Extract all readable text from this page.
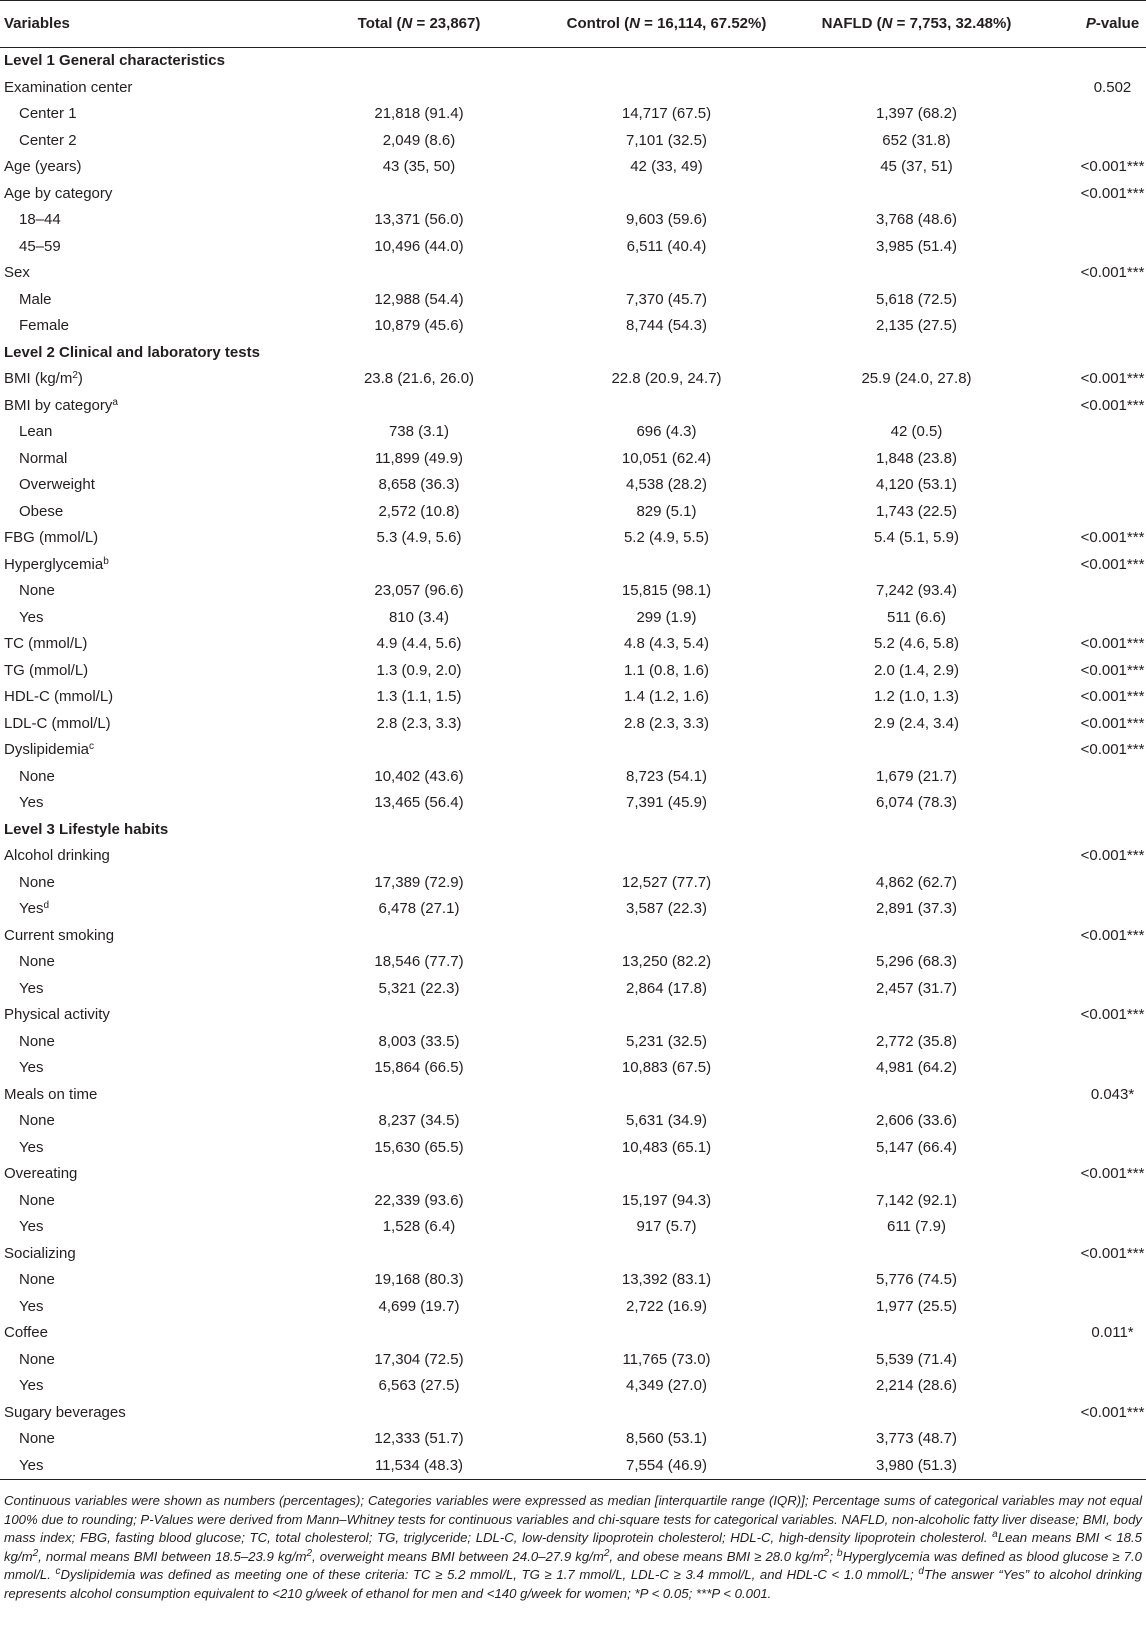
Variables	Total (N = 23,867)	Control (N = 16,114, 67.52%)	NAFLD (N = 7,753, 32.48%)	P-value
Level 1 General characteristics				
Examination center				0.502
Center 1	21,818 (91.4)	14,717 (67.5)	1,397 (68.2)	
Center 2	2,049 (8.6)	7,101 (32.5)	652 (31.8)	
Age (years)	43 (35, 50)	42 (33, 49)	45 (37, 51)	<0.001***
Age by category				<0.001***
18–44	13,371 (56.0)	9,603 (59.6)	3,768 (48.6)	
45–59	10,496 (44.0)	6,511 (40.4)	3,985 (51.4)	
Sex				<0.001***
Male	12,988 (54.4)	7,370 (45.7)	5,618 (72.5)	
Female	10,879 (45.6)	8,744 (54.3)	2,135 (27.5)	
Level 2 Clinical and laboratory tests				
BMI $(kg/m^2)$	23.8 (21.6, 26.0)	22.8 (20.9, 24.7)	25.9 (24.0, 27.8)	<0.001***
BMI by category$^a$				<0.001***
Lean	738 (3.1)	696 (4.3)	42 (0.5)	
Normal	11,899 (49.9)	10,051 (62.4)	1,848 (23.8)	
Overweight	8,658 (36.3)	4,538 (28.2)	4,120 (53.1)	
Obese	2,572 (10.8)	829 (5.1)	1,743 (22.5)	
FBG (mmol/L)	5.3 (4.9, 5.6)	5.2 (4.9, 5.5)	5.4 (5.1, 5.9)	<0.001***
Hyperglycemia$^b$				<0.001***
None	23,057 (96.6)	15,815 (98.1)	7,242 (93.4)	
Yes	810 (3.4)	299 (1.9)	511 (6.6)	
TC (mmol/L)	4.9 (4.4, 5.6)	4.8 (4.3, 5.4)	5.2 (4.6, 5.8)	<0.001***
TG (mmol/L)	1.3 (0.9, 2.0)	1.1 (0.8, 1.6)	2.0 (1.4, 2.9)	<0.001***
HDL-C (mmol/L)	1.3 (1.1, 1.5)	1.4 (1.2, 1.6)	1.2 (1.0, 1.3)	<0.001***
LDL-C (mmol/L)	2.8 (2.3, 3.3)	2.8 (2.3, 3.3)	2.9 (2.4, 3.4)	<0.001***
Dyslipidemia$^c$				<0.001***
None	10,402 (43.6)	8,723 (54.1)	1,679 (21.7)	
Yes	13,465 (56.4)	7,391 (45.9)	6,074 (78.3)	
Level 3 Lifestyle habits				
Alcohol drinking				<0.001***
None	17,389 (72.9)	12,527 (77.7)	4,862 (62.7)	
Yes$^d$	6,478 (27.1)	3,587 (22.3)	2,891 (37.3)	
Current smoking				<0.001***
None	18,546 (77.7)	13,250 (82.2)	5,296 (68.3)	
Yes	5,321 (22.3)	2,864 (17.8)	2,457 (31.7)	
Physical activity				<0.001***
None	8,003 (33.5)	5,231 (32.5)	2,772 (35.8)	
Yes	15,864 (66.5)	10,883 (67.5)	4,981 (64.2)	
Meals on time				0.043*
None	8,237 (34.5)	5,631 (34.9)	2,606 (33.6)	
Yes	15,630 (65.5)	10,483 (65.1)	5,147 (66.4)	
Overeating				<0.001***
None	22,339 (93.6)	15,197 (94.3)	7,142 (92.1)	
Yes	1,528 (6.4)	917 (5.7)	611 (7.9)	
Socializing				<0.001***
None	19,168 (80.3)	13,392 (83.1)	5,776 (74.5)	
Yes	4,699 (19.7)	2,722 (16.9)	1,977 (25.5)	
Coffee				0.011*
None	17,304 (72.5)	11,765 (73.0)	5,539 (71.4)	
Yes	6,563 (27.5)	4,349 (27.0)	2,214 (28.6)	
Sugary beverages				<0.001***
None	12,333 (51.7)	8,560 (53.1)	3,773 (48.7)	
Yes	11,534 (48.3)	7,554 (46.9)	3,980 (51.3)	
Continuous variables were shown as numbers (percentages); Categories variables were expressed as median [interquartile range (IQR)]; Percentage sums of categorical variables may not equal 100% due to rounding; P-Values were derived from Mann–Whitney tests for continuous variables and chi-square tests for categorical variables. NAFLD, non-alcoholic fatty liver disease; BMI, body mass index; FBG, fasting blood glucose; TC, total cholesterol; TG, triglyceride; LDL-C, low-density lipoprotein cholesterol; HDL-C, high-density lipoprotein cholesterol. $^a$Lean means BMI < 18.5 $kg/m^2$, normal means BMI between 18.5–23.9 $kg/m^2$, overweight means BMI between 24.0–27.9 $kg/m^2$, and obese means BMI ≥ 28.0 $kg/m^2$; $^b$Hyperglycemia was defined as blood glucose ≥ 7.0 mmol/L. $^c$Dyslipidemia was defined as meeting one of these criteria: TC ≥ 5.2 mmol/L, TG ≥ 1.7 mmol/L, LDL-C ≥ 3.4 mmol/L, and HDL-C < 1.0 mmol/L; $^d$The answer “Yes” to alcohol drinking represents alcohol consumption equivalent to <210 g/week of ethanol for men and <140 g/week for women; *P < 0.05; ***P < 0.001.
